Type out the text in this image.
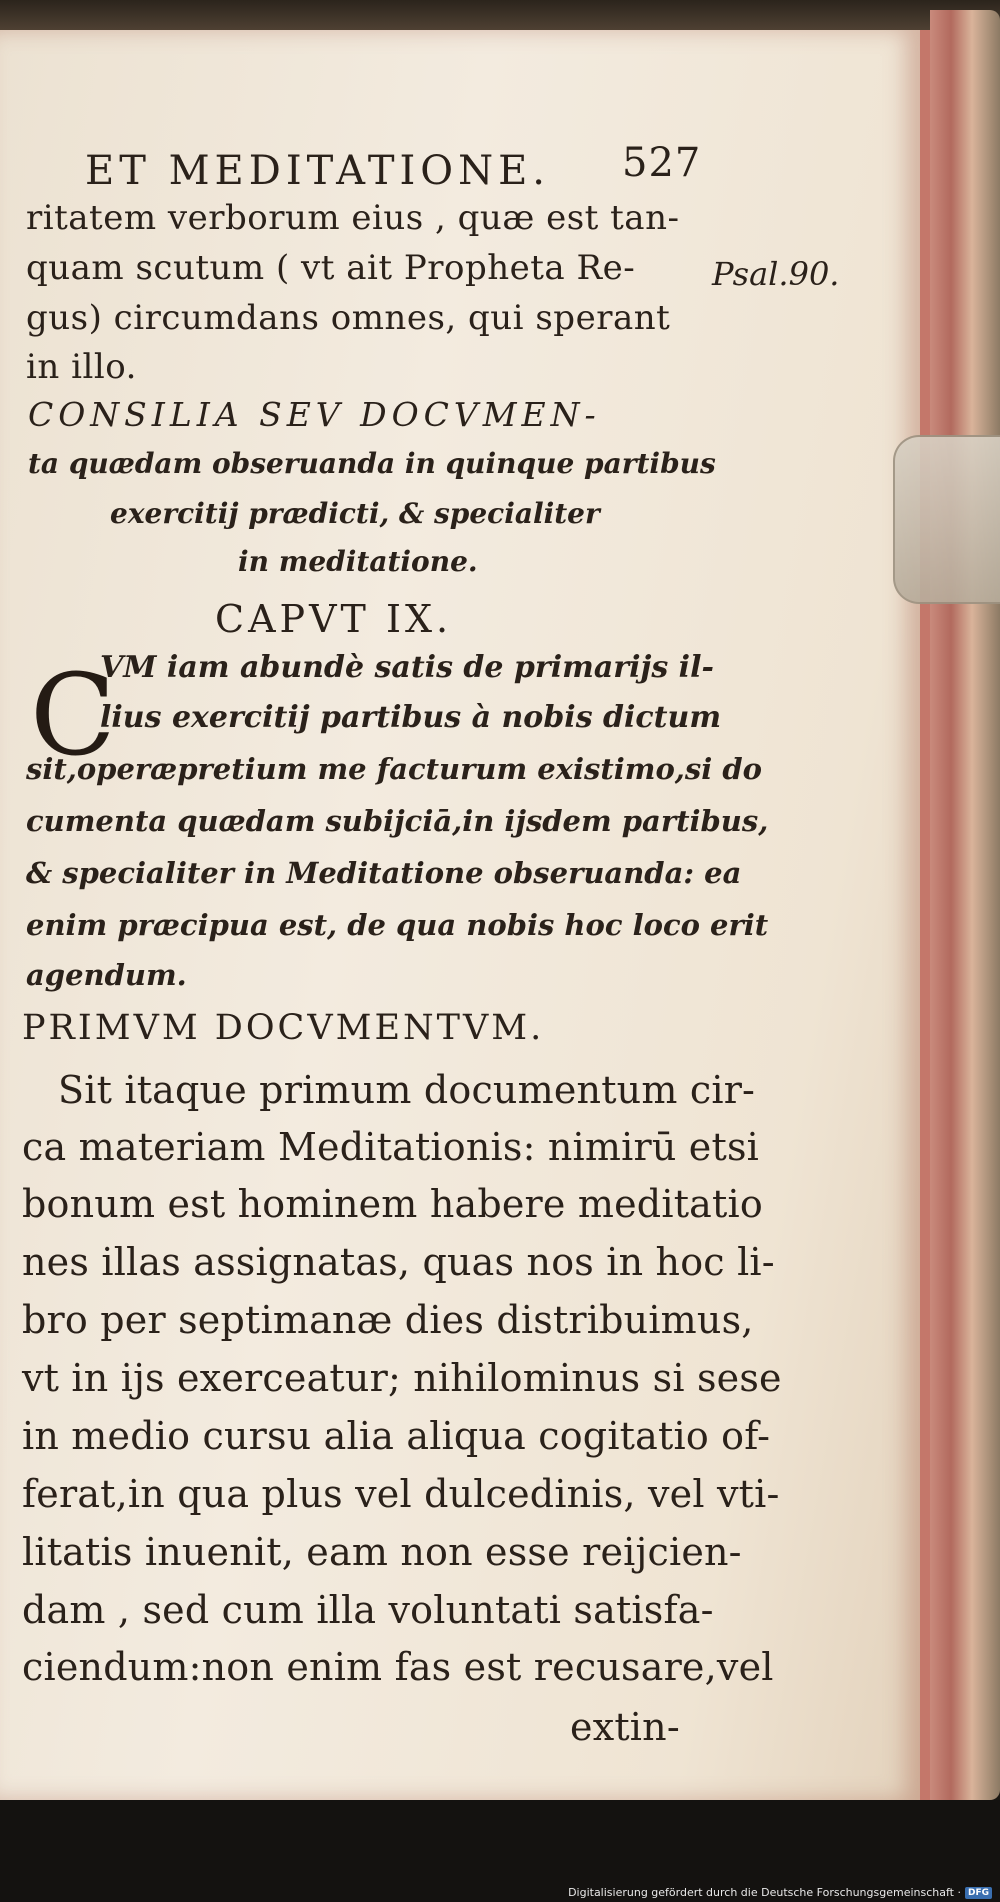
ET MEDITATIONE. 527
Psal.90.
ritatem verborum eius , quæ est tan-
quam scutum ( vt ait Propheta Re-
gus) circumdans omnes, qui sperant
in illo.
CONSILIA SEV DOCVMEN-
ta quædam obseruanda in quinque partibus
exercitij prædicti, & specialiter
in meditatione.
CAPVT IX.
C
VM iam abundè satis de primarijs il-
lius exercitij partibus à nobis dictum
sit,operæpretium me facturum existimo,si do
cumenta quædam subijciā,in ijsdem partibus,
& specialiter in Meditatione obseruanda: ea
enim præcipua est, de qua nobis hoc loco erit
agendum.
PRIMVM DOCVMENTVM.
Sit itaque primum documentum cir-
ca materiam Meditationis: nimirū etsi
bonum est hominem habere meditatio
nes illas assignatas, quas nos in hoc li-
bro per septimanæ dies distribuimus,
vt in ijs exerceatur; nihilominus si sese
in medio cursu alia aliqua cogitatio of-
ferat,in qua plus vel dulcedinis, vel vti-
litatis inuenit, eam non esse reijcien-
dam , sed cum illa voluntati satisfa-
ciendum:non enim fas est recusare,vel
extin-
Digitalisierung gefördert durch die Deutsche Forschungsgemeinschaft · DFG
